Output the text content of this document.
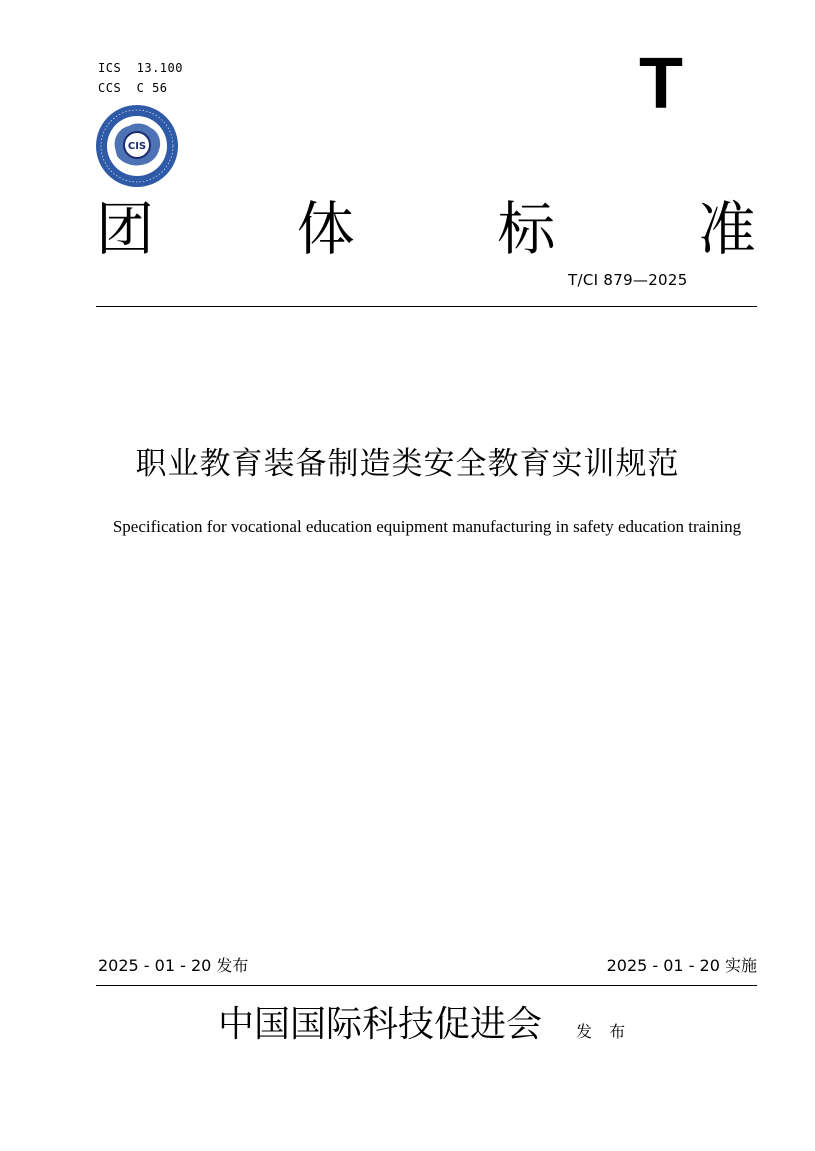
ICS  13.100
CCS  C 56	T
CIS
团 体 标 准
T/CI 879—2025
职业教育装备制造类安全教育实训规范
Specification for vocational education equipment manufacturing in safety education training
2025 - 01 - 20 发布	2025 - 01 - 20 实施
中国国际科技促进会 发 布
